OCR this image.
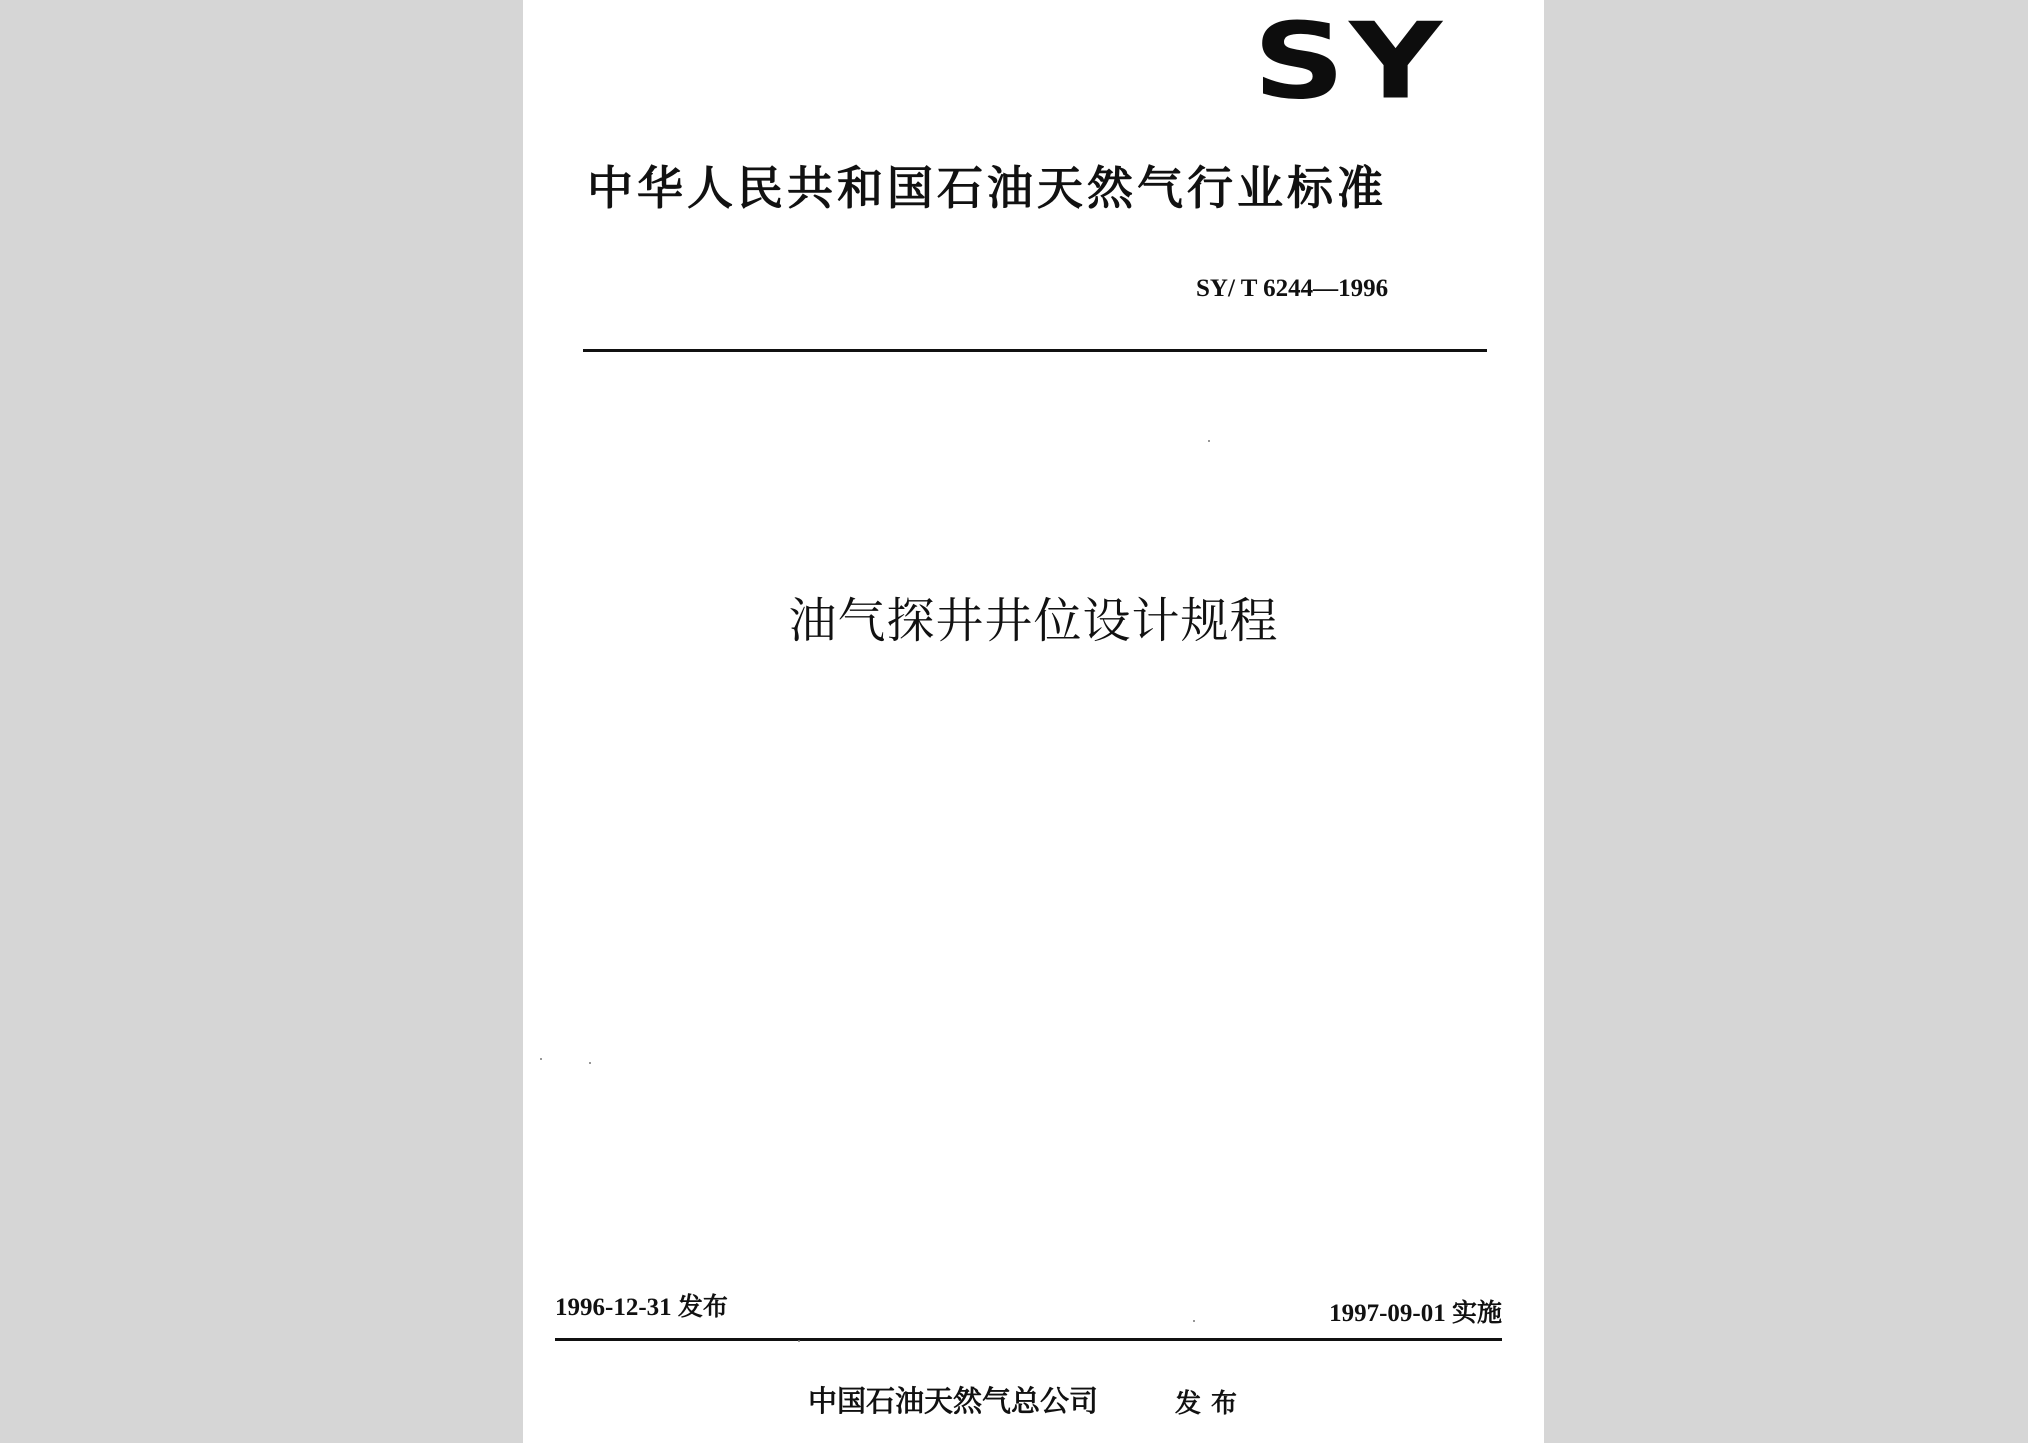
SY
中华人民共和国石油天然气行业标准
SY/ T 6244—1996
油气探井井位设计规程
1996-12-31 发布	1997-09-01 实施
中国石油天然气总公司	发布
